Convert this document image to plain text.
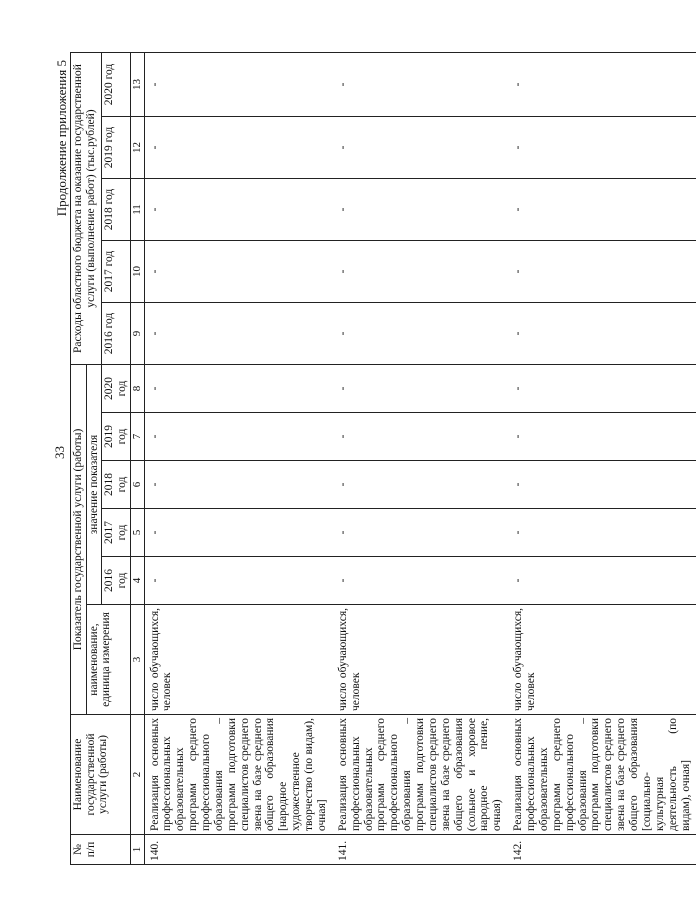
33
Продолжение приложения 5
№ п/п	Наименование государственной услуги (работы)	Показатель государственной услуги (работы)						Расходы областного бюджета на оказание государственной услуги (выполнение работ) (тыс.рублей)				
		наименование, единица измерения	значение показателя									
			2016 год	2017 год	2018 год	2019 год	2020 год	2016 год	2017 год	2018 год	2019 год	2020 год
1	2	3	4	5	6	7	8	9	10	11	12	13
140.	Реализация основных профессиональных образовательных программ среднего профессионального образования – программ подготовки специалистов среднего звена на базе среднего общего образования [народное художественное творчество (по видам), очная]	число обучающихся, человек	-	-	-	-	-	-	-	-	-	-
141.	Реализация основных профессиональных образовательных программ среднего профессионального образования – программ подготовки специалистов среднего звена на базе среднего общего образования (сольное и хоровое народное пение, очная)	число обучающихся, человек	-	-	-	-	-	-	-	-	-	-
142.	Реализация основных профессиональных образовательных программ среднего профессионального образования – программ подготовки специалистов среднего звена на базе среднего общего образования [социально-культурная деятельность (по видам), очная]	число обучающихся, человек	-	-	-	-	-	-	-	-	-	-
